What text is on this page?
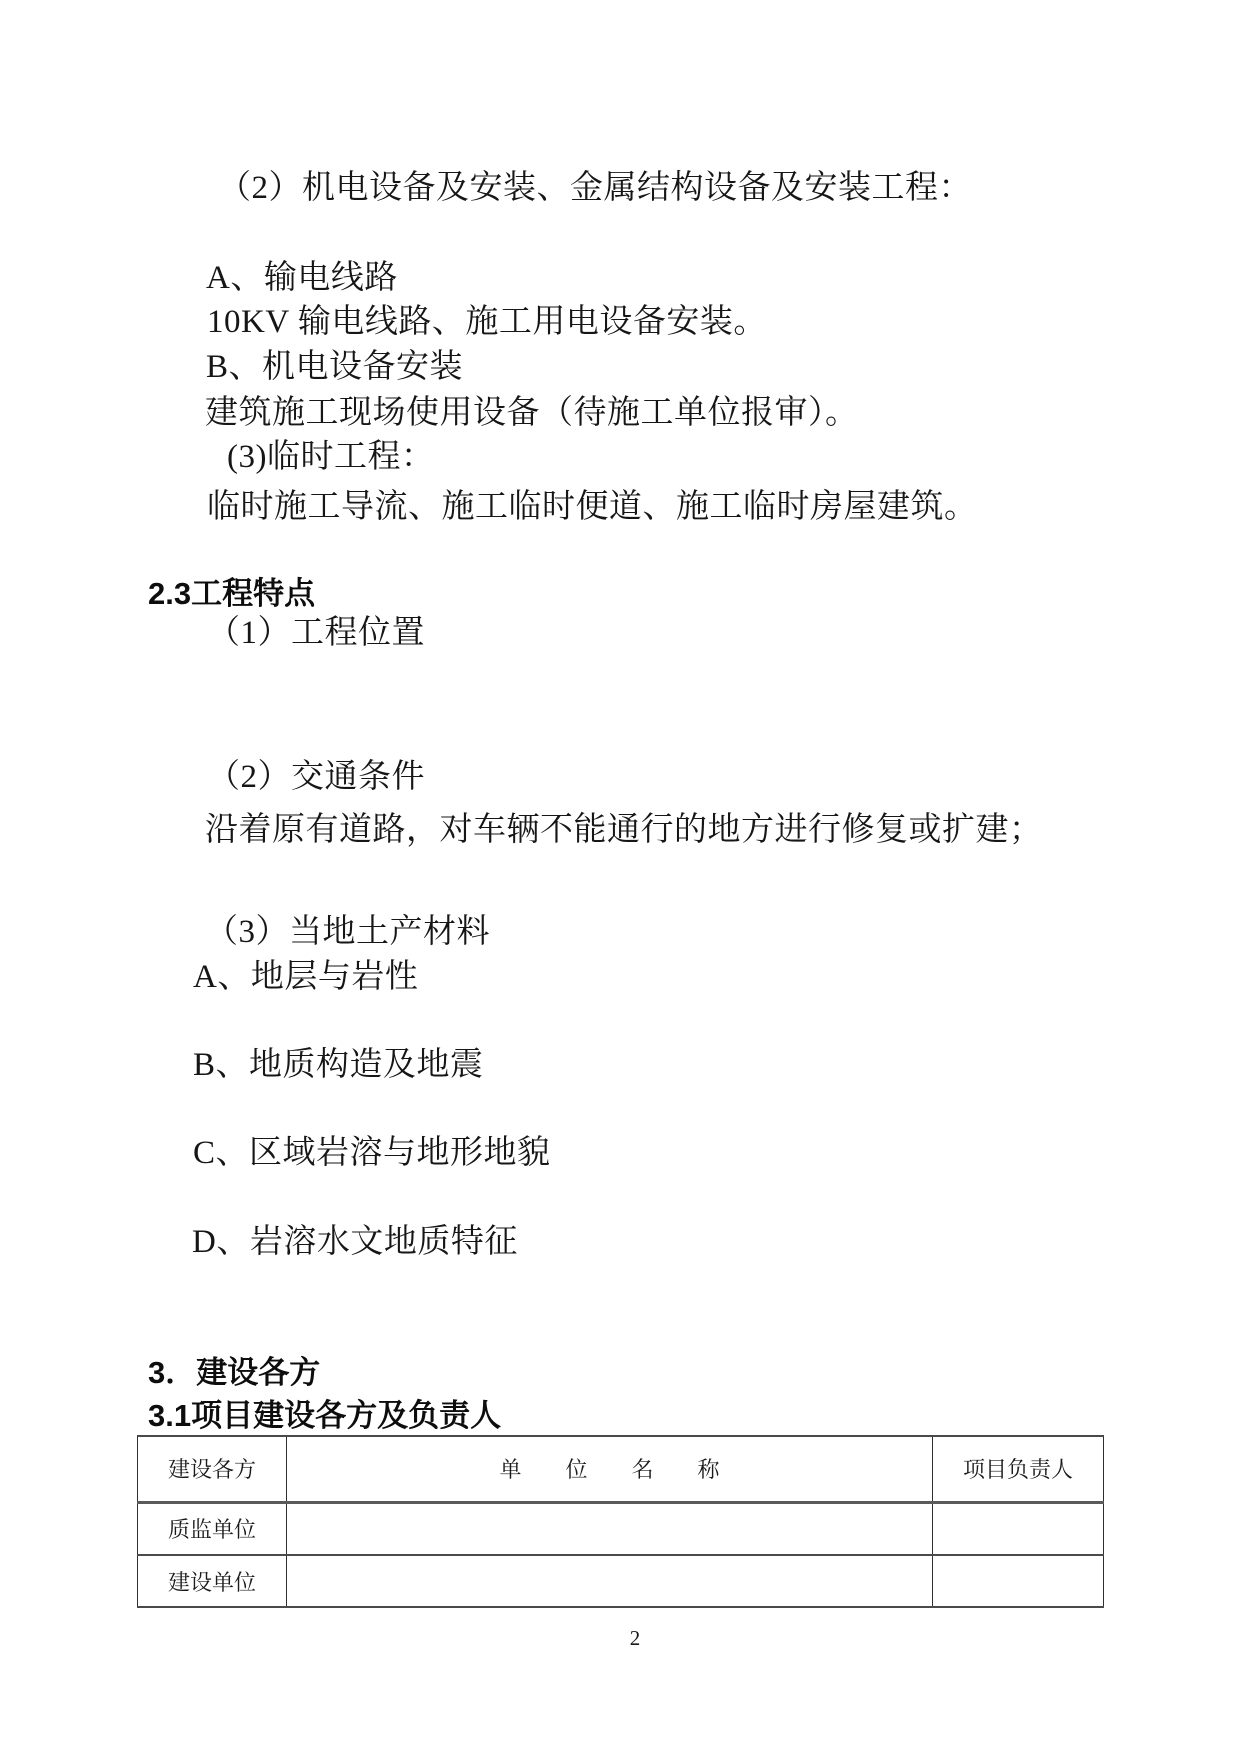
（2）机电设备及安装、金属结构设备及安装工程：

A、输电线路

10KV 输电线路、施工用电设备安装。

B、机电设备安装

建筑施工现场使用设备（待施工单位报审）。

(3)临时工程：

临时施工导流、施工临时便道、施工临时房屋建筑。

2.3工程特点

（1）工程位置

（2）交通条件

沿着原有道路，对车辆不能通行的地方进行修复或扩建；

（3）当地土产材料

A、地层与岩性

B、地质构造及地震

C、区域岩溶与地形地貌

D、岩溶水文地质特征

3．建设各方
3.1项目建设各方及负责人
建设各方	单　　位　　名　　称	项目负责人
质监单位		
建设单位		
2
